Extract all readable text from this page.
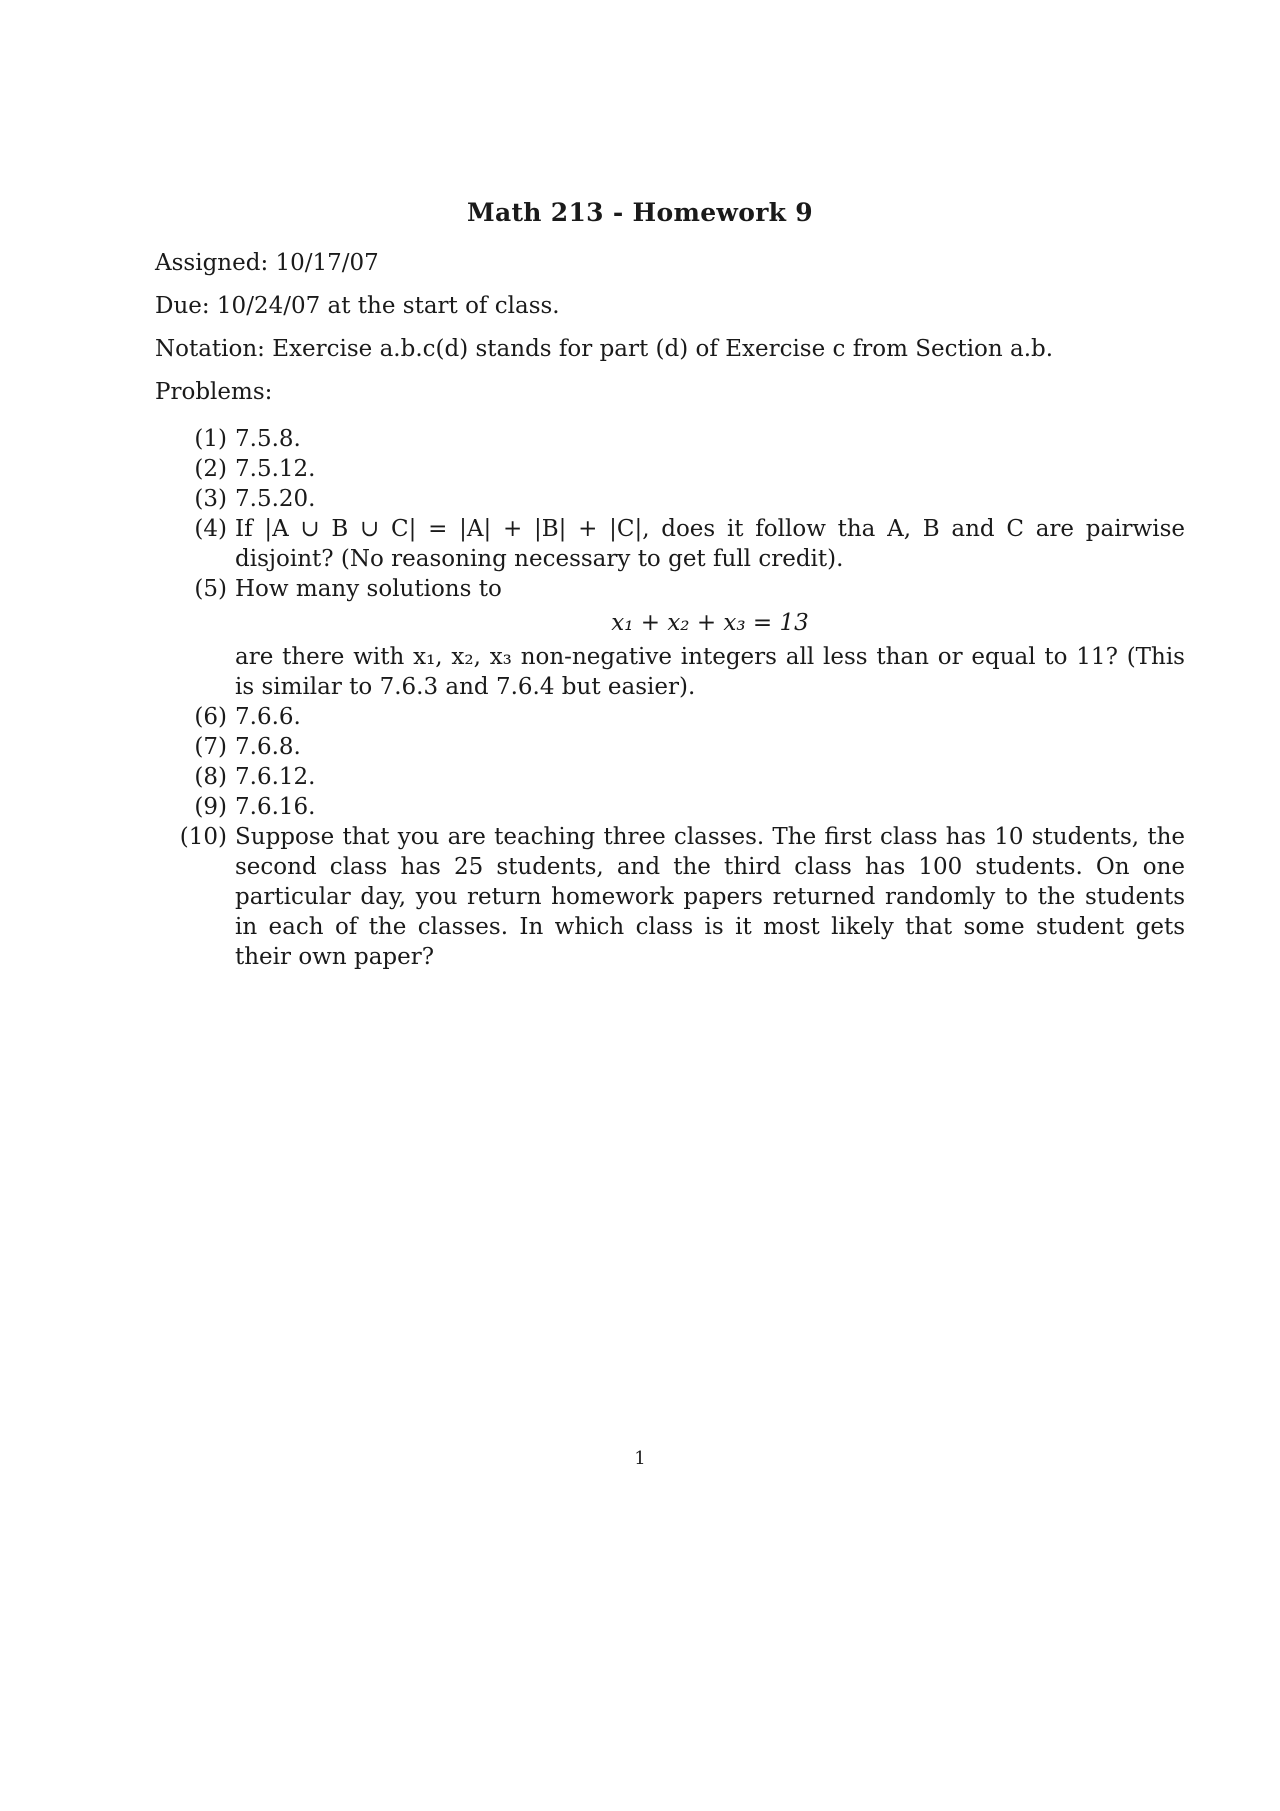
Math 213 - Homework 9
Assigned: 10/17/07
Due: 10/24/07 at the start of class.
Notation: Exercise a.b.c(d) stands for part (d) of Exercise c from Section a.b.
Problems:
(1) 7.5.8.
(2) 7.5.12.
(3) 7.5.20.
(4) If |A ∪ B ∪ C| = |A| + |B| + |C|, does it follow tha A, B and C are pairwise disjoint? (No reasoning necessary to get full credit).
(5) How many solutions to
x₁ + x₂ + x₃ = 13
are there with x₁, x₂, x₃ non-negative integers all less than or equal to 11? (This is similar to 7.6.3 and 7.6.4 but easier).
(6) 7.6.6.
(7) 7.6.8.
(8) 7.6.12.
(9) 7.6.16.
(10) Suppose that you are teaching three classes. The first class has 10 students, the second class has 25 students, and the third class has 100 students. On one particular day, you return homework papers returned randomly to the students in each of the classes. In which class is it most likely that some student gets their own paper?
1
